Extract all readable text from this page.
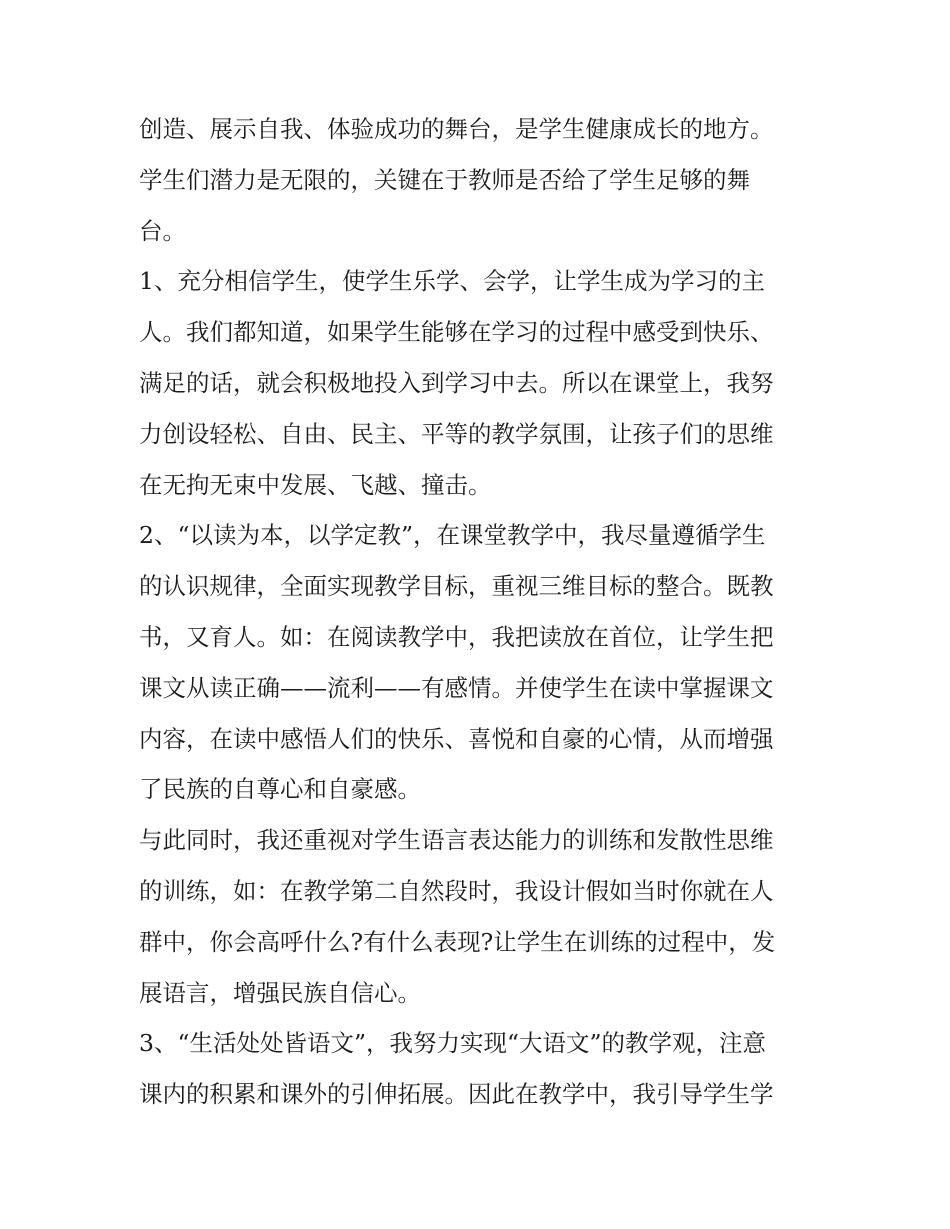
创造、展示自我、体验成功的舞台，是学生健康成长的地方。
学生们潜力是无限的，关键在于教师是否给了学生足够的舞
台。
1、充分相信学生，使学生乐学、会学，让学生成为学习的主
人。我们都知道，如果学生能够在学习的过程中感受到快乐、
满足的话，就会积极地投入到学习中去。所以在课堂上，我努
力创设轻松、自由、民主、平等的教学氛围，让孩子们的思维
在无拘无束中发展、飞越、撞击。
2、“以读为本，以学定教”，在课堂教学中，我尽量遵循学生
的认识规律，全面实现教学目标，重视三维目标的整合。既教
书，又育人。如：在阅读教学中，我把读放在首位，让学生把
课文从读正确——流利——有感情。并使学生在读中掌握课文
内容，在读中感悟人们的快乐、喜悦和自豪的心情，从而增强
了民族的自尊心和自豪感。
与此同时，我还重视对学生语言表达能力的训练和发散性思维
的训练，如：在教学第二自然段时，我设计假如当时你就在人
群中，你会高呼什么?有什么表现?让学生在训练的过程中，发
展语言，增强民族自信心。
3、“生活处处皆语文”，我努力实现“大语文”的教学观，注意
课内的积累和课外的引伸拓展。因此在教学中，我引导学生学
